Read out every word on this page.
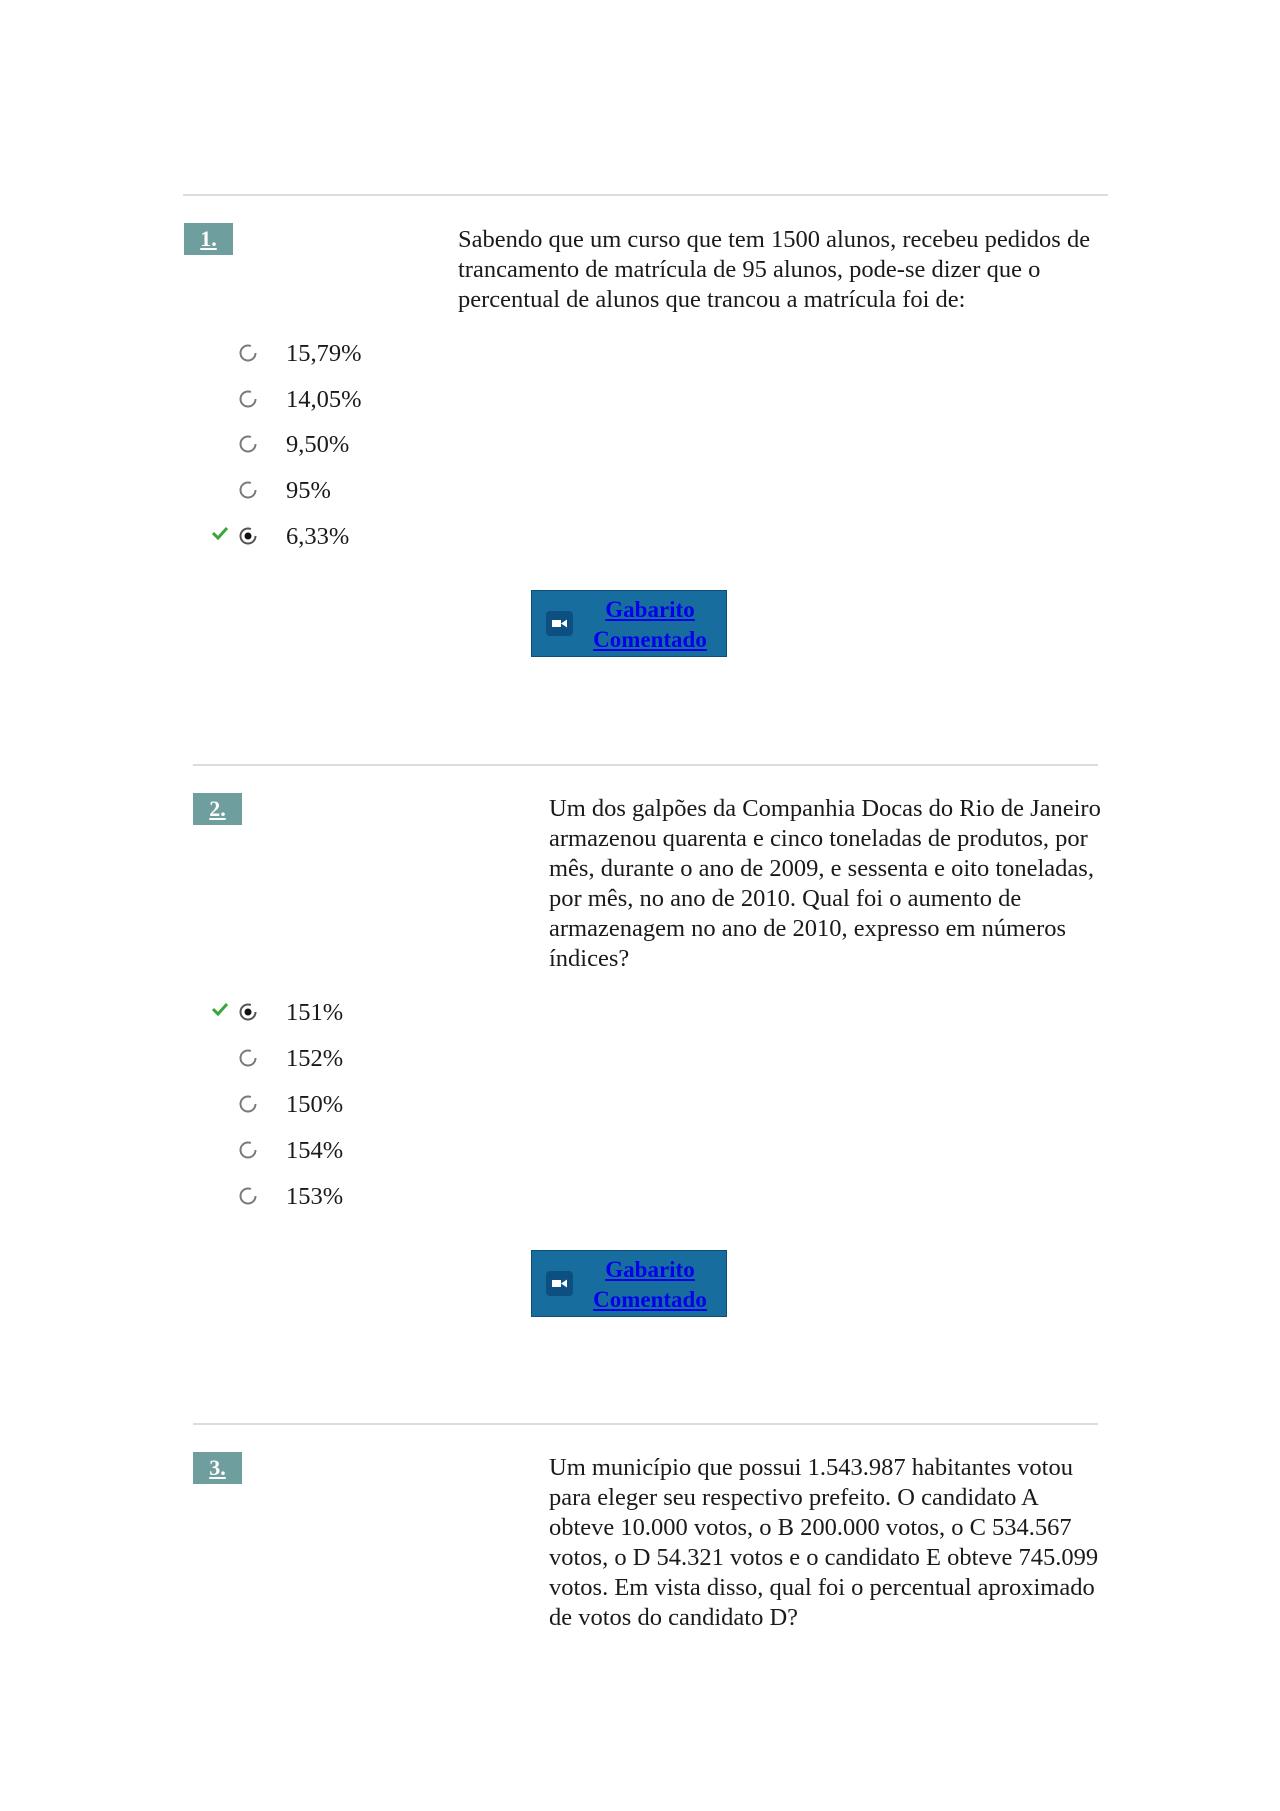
1.	Sabendo que um curso que tem 1500 alunos, recebeu pedidos de trancamento de matrícula de 95 alunos, pode-se dizer que o percentual de alunos que trancou a matrícula foi de:

15,79%
14,05%
9,50%
95%
6,33%
Gabarito
Comentado
2.	Um dos galpões da Companhia Docas do Rio de Janeiro armazenou quarenta e cinco toneladas de produtos, por mês, durante o ano de 2009, e sessenta e oito toneladas, por mês, no ano de 2010. Qual foi o aumento de armazenagem no ano de 2010, expresso em números índices?

151%
152%
150%
154%
153%
Gabarito
Comentado
3.	Um município que possui 1.543.987 habitantes votou para eleger seu respectivo prefeito. O candidato A obteve 10.000 votos, o B 200.000 votos, o C 534.567 votos, o D 54.321 votos e o candidato E obteve 745.099 votos. Em vista disso, qual foi o percentual aproximado de votos do candidato D?
